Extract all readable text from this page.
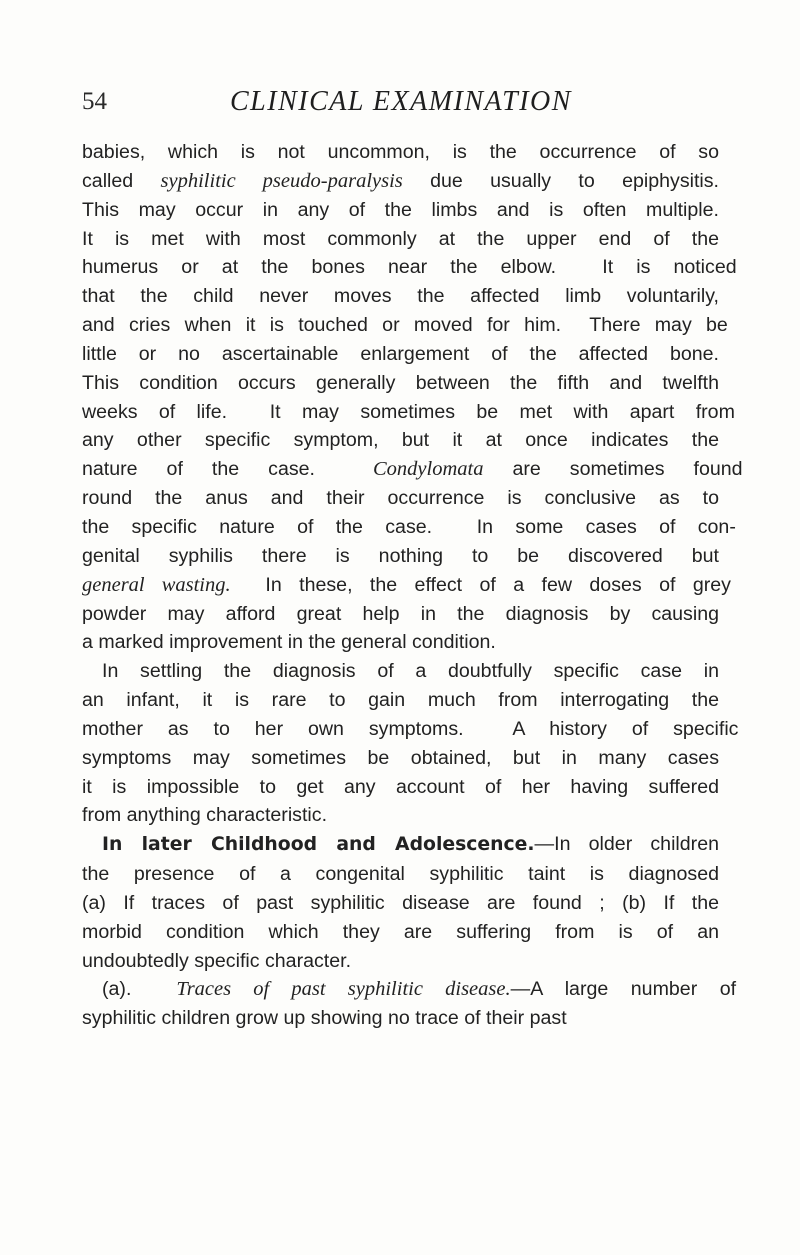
54	CLINICAL EXAMINATION
babies, which is not uncommon, is the occurrence of so
called syphilitic pseudo-paralysis due usually to epiphysitis.
This may occur in any of the limbs and is often multiple.
It is met with most commonly at the upper end of the
humerus or at the bones near the elbow.  It is noticed
that the child never moves the affected limb voluntarily,
and cries when it is touched or moved for him.  There may be
little or no ascertainable enlargement of the affected bone.
This condition occurs generally between the fifth and twelfth
weeks of life.  It may sometimes be met with apart from
any other specific symptom, but it at once indicates the
nature of the case.  Condylomata are sometimes found
round the anus and their occurrence is conclusive as to
the specific nature of the case.  In some cases of con-
genital syphilis there is nothing to be discovered but
general wasting.  In these, the effect of a few doses of grey
powder may afford great help in the diagnosis by causing
a marked improvement in the general condition.
In settling the diagnosis of a doubtfully specific case in
an infant, it is rare to gain much from interrogating the
mother as to her own symptoms.  A history of specific
symptoms may sometimes be obtained, but in many cases
it is impossible to get any account of her having suffered
from anything characteristic.
In later Childhood and Adolescence.—In older children
the presence of a congenital syphilitic taint is diagnosed
(a) If traces of past syphilitic disease are found ; (b) If the
morbid condition which they are suffering from is of an
undoubtedly specific character.
(a).  Traces of past syphilitic disease.—A large number of
syphilitic children grow up showing no trace of their past
